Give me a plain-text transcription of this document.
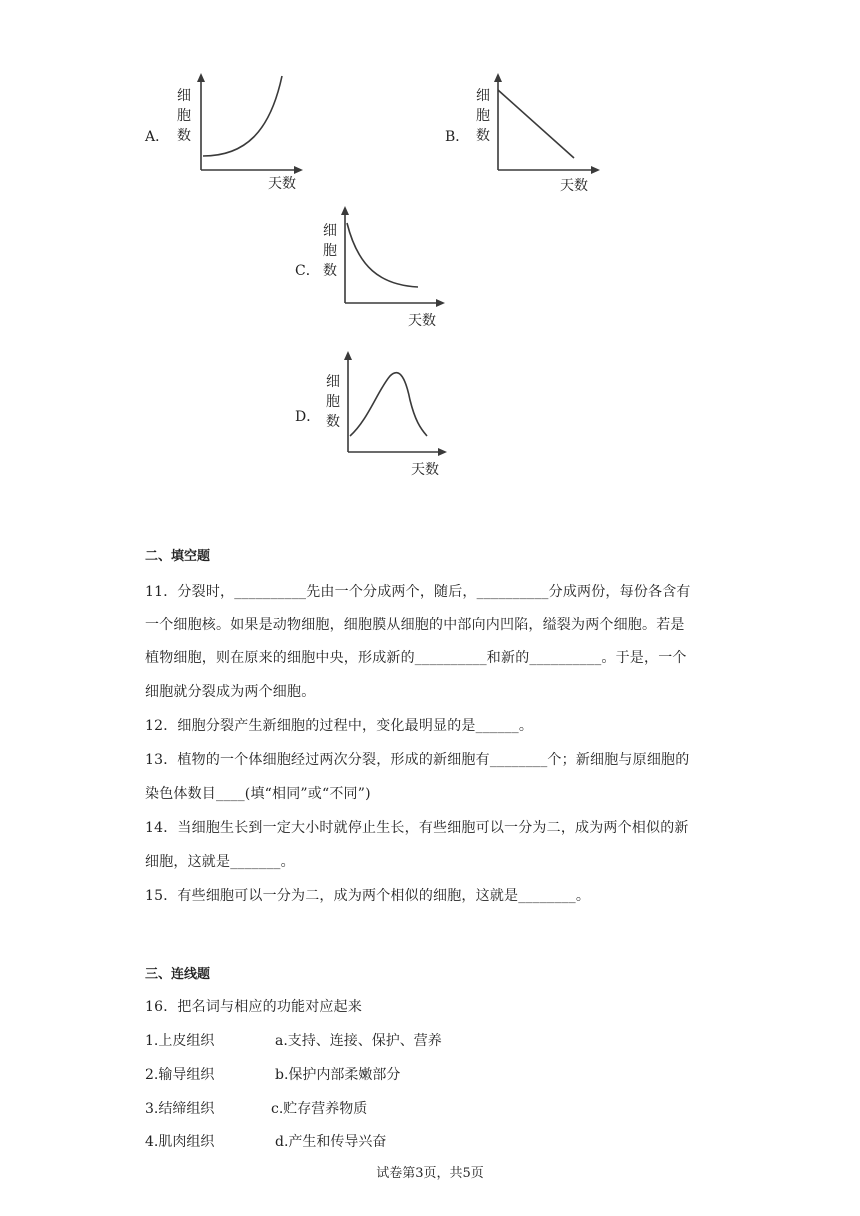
A．
细
胞
数
天数
B．
细
胞
数
天数
C．
细
胞
数
天数
D．
细
胞
数
天数
二、填空题
11．分裂时，__________先由一个分成两个，随后，__________分成两份，每份各含有
一个细胞核。如果是动物细胞，细胞膜从细胞的中部向内凹陷，缢裂为两个细胞。若是
植物细胞，则在原来的细胞中央，形成新的__________和新的__________。于是，一个
细胞就分裂成为两个细胞。
12．细胞分裂产生新细胞的过程中，变化最明显的是______。
13．植物的一个体细胞经过两次分裂，形成的新细胞有________个；新细胞与原细胞的
染色体数目____(填“相同”或“不同”)
14．当细胞生长到一定大小时就停止生长，有些细胞可以一分为二，成为两个相似的新
细胞，这就是_______。
15．有些细胞可以一分为二，成为两个相似的细胞，这就是________。
三、连线题
16．把名词与相应的功能对应起来
1.上皮组织	a.支持、连接、保护、营养
2.输导组织	b.保护内部柔嫩部分
3.结缔组织	c.贮存营养物质
4.肌肉组织	d.产生和传导兴奋
试卷第3页，共5页
